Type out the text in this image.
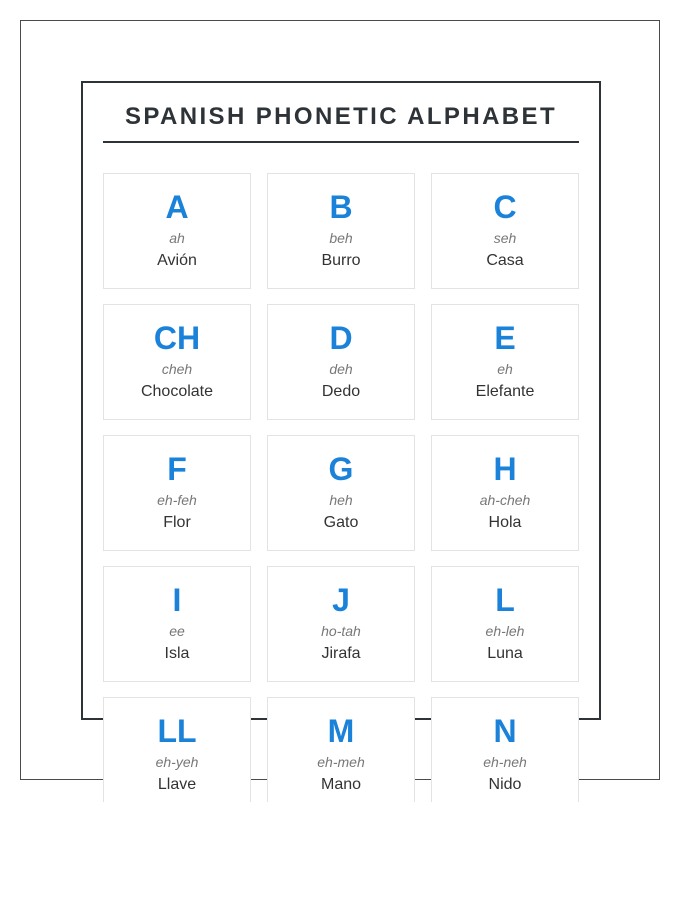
SPANISH PHONETIC ALPHABET
A
ah
Avión
B
beh
Burro
C
seh
Casa
CH
cheh
Chocolate
D
deh
Dedo
E
eh
Elefante
F
eh-feh
Flor
G
heh
Gato
H
ah-cheh
Hola
I
ee
Isla
J
ho-tah
Jirafa
L
eh-leh
Luna
LL
eh-yeh
Llave
M
eh-meh
Mano
N
eh-neh
Nido
